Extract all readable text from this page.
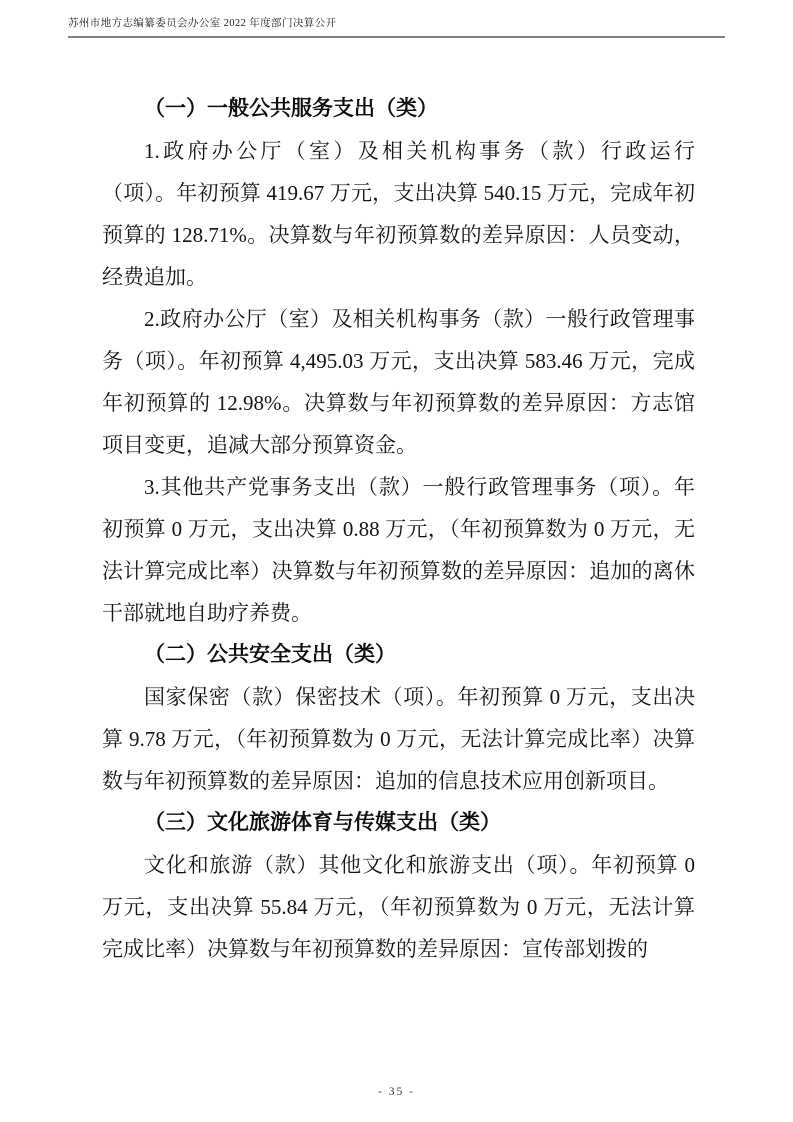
苏州市地方志编纂委员会办公室 2022 年度部门决算公开
（一）一般公共服务支出（类）

1.政府办公厅（室）及相关机构事务（款）行政运行（项）。年初预算 419.67 万元，支出决算 540.15 万元，完成年初预算的 128.71%。决算数与年初预算数的差异原因：人员变动，经费追加。

2.政府办公厅（室）及相关机构事务（款）一般行政管理事务（项）。年初预算 4,495.03 万元，支出决算 583.46 万元，完成年初预算的 12.98%。决算数与年初预算数的差异原因：方志馆项目变更，追减大部分预算资金。

3.其他共产党事务支出（款）一般行政管理事务（项）。年初预算 0 万元，支出决算 0.88 万元，（年初预算数为 0 万元，无法计算完成比率）决算数与年初预算数的差异原因：追加的离休干部就地自助疗养费。

（二）公共安全支出（类）

国家保密（款）保密技术（项）。年初预算 0 万元，支出决算 9.78 万元，（年初预算数为 0 万元，无法计算完成比率）决算数与年初预算数的差异原因：追加的信息技术应用创新项目。

（三）文化旅游体育与传媒支出（类）

文化和旅游（款）其他文化和旅游支出（项）。年初预算 0 万元，支出决算 55.84 万元，（年初预算数为 0 万元，无法计算完成比率）决算数与年初预算数的差异原因：宣传部划拨的

- 35 -
